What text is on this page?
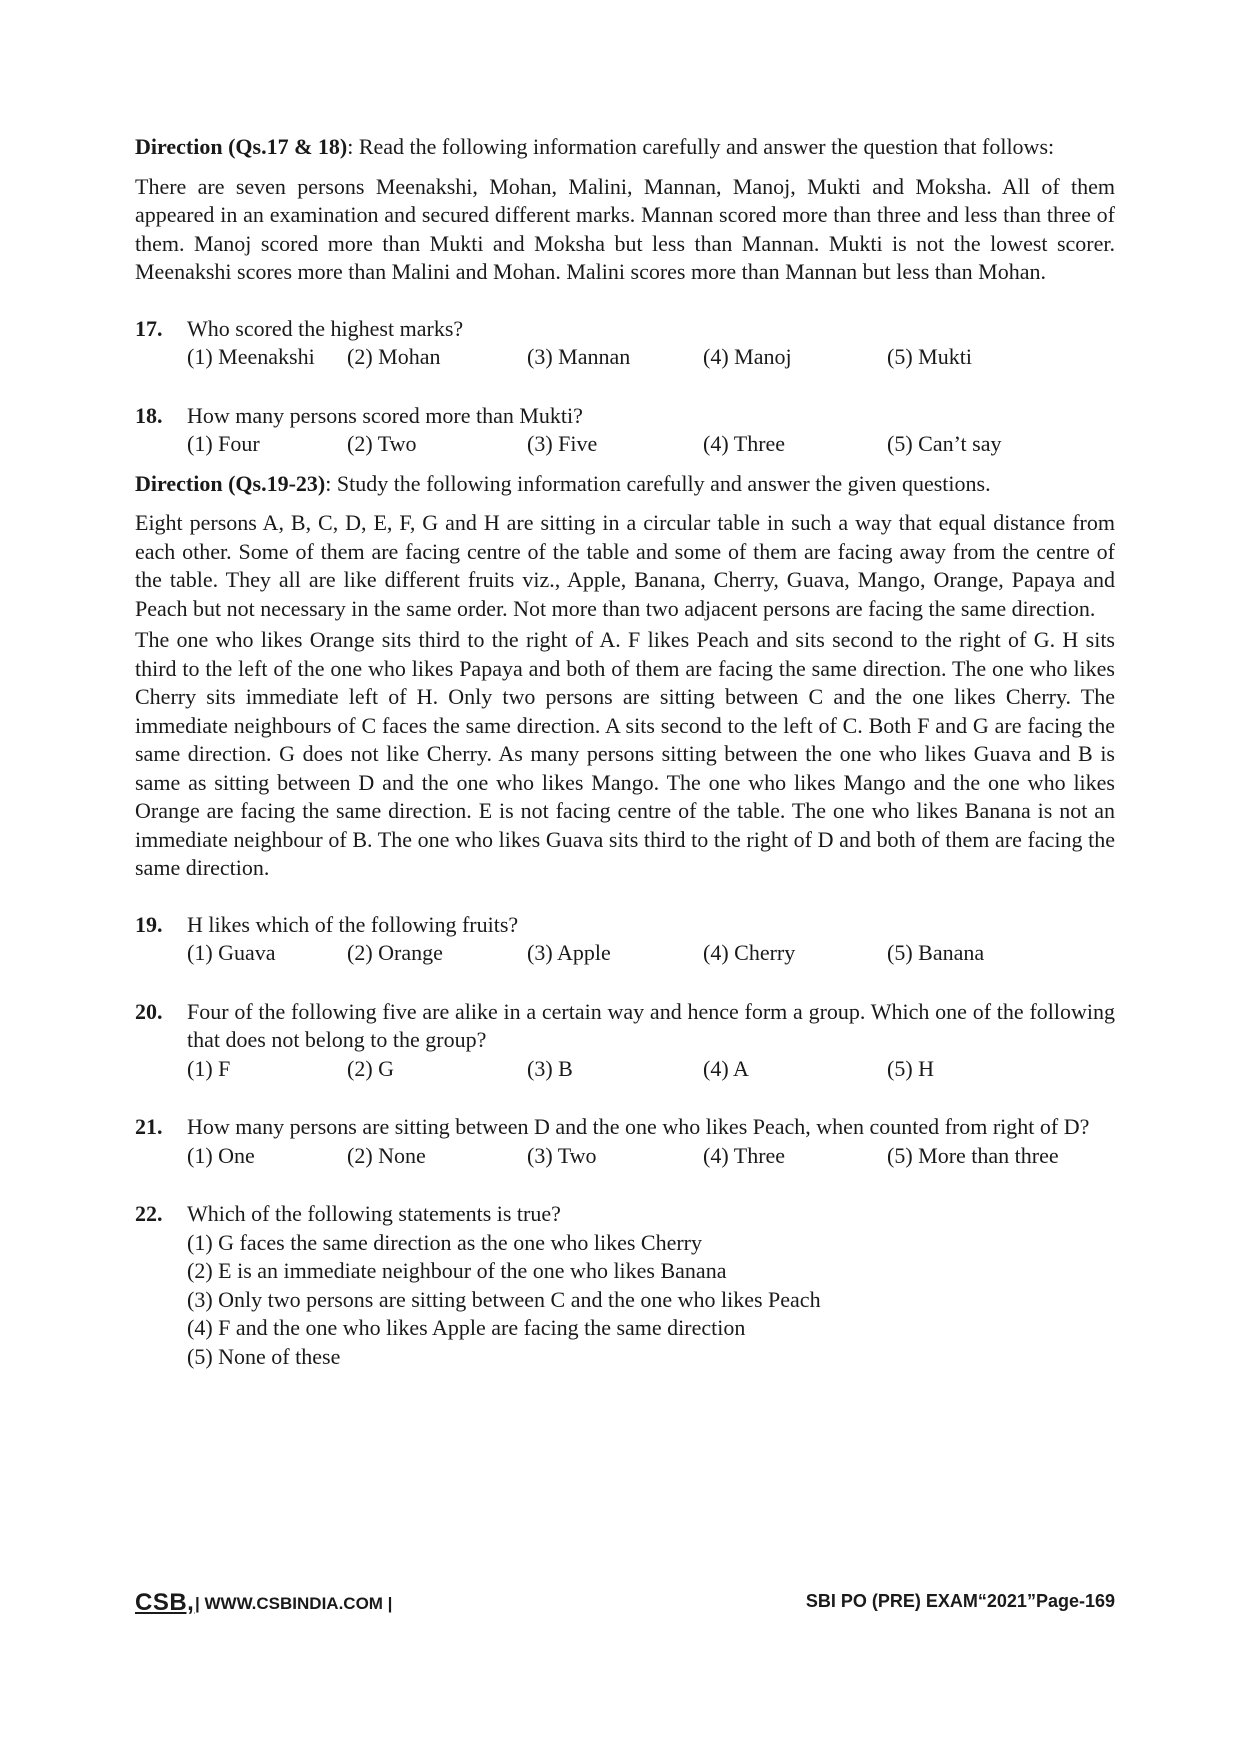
Direction (Qs.17 & 18): Read the following information carefully and answer the question that follows:

There are seven persons Meenakshi, Mohan, Malini, Mannan, Manoj, Mukti and Moksha. All of them appeared in an examination and secured different marks. Mannan scored more than three and less than three of them. Manoj scored more than Mukti and Moksha but less than Mannan. Mukti is not the lowest scorer. Meenakshi scores more than Malini and Mohan. Malini scores more than Mannan but less than Mohan.

17. Who scored the highest marks?
(1) Meenakshi (2) Mohan	(3) Mannan	(4) Manoj	(5) Mukti
18. How many persons scored more than Mukti?
(1) Four	(2) Two	(3) Five	(4) Three	(5) Can’t say

Direction (Qs.19-23): Study the following information carefully and answer the given questions.

Eight persons A, B, C, D, E, F, G and H are sitting in a circular table in such a way that equal distance from each other. Some of them are facing centre of the table and some of them are facing away from the centre of the table. They all are like different fruits viz., Apple, Banana, Cherry, Guava, Mango, Orange, Papaya and Peach but not necessary in the same order. Not more than two adjacent persons are facing the same direction.

The one who likes Orange sits third to the right of A. F likes Peach and sits second to the right of G. H sits third to the left of the one who likes Papaya and both of them are facing the same direction. The one who likes Cherry sits immediate left of H. Only two persons are sitting between C and the one likes Cherry. The immediate neighbours of C faces the same direction. A sits second to the left of C. Both F and G are facing the same direction. G does not like Cherry. As many persons sitting between the one who likes Guava and B is same as sitting between D and the one who likes Mango. The one who likes Mango and the one who likes Orange are facing the same direction. E is not facing centre of the table. The one who likes Banana is not an immediate neighbour of B. The one who likes Guava sits third to the right of D and both of them are facing the same direction.

19. H likes which of the following fruits?
(1) Guava	(2) Orange	(3) Apple	(4) Cherry	(5) Banana
20. Four of the following five are alike in a certain way and hence form a group. Which one of the following that does not belong to the group?
(1) F	(2) G	(3) B	(4) A	(5) H
21. How many persons are sitting between D and the one who likes Peach, when counted from right of D?
(1) One	(2) None	(3) Two	(4) Three	(5) More than three
22. Which of the following statements is true?
(1) G faces the same direction as the one who likes Cherry
(2) E is an immediate neighbour of the one who likes Banana
(3) Only two persons are sitting between C and the one who likes Peach
(4) F and the one who likes Apple are facing the same direction
(5) None of these
CSB, | WWW.CSBINDIA.COM |	SBI PO (PRE) EXAM“2021”Page-169
